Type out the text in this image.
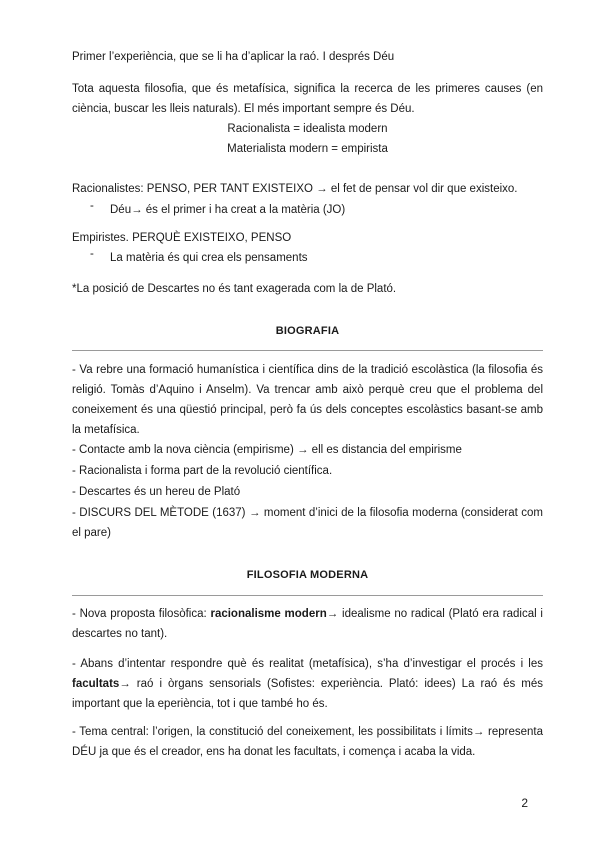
Primer l’experiència, que se li ha d’aplicar la raó. I després Déu

Tota aquesta filosofia, que és metafísica, significa la recerca de les primeres causes (en ciència, buscar les lleis naturals). El més important sempre és Déu.

Racionalista = idealista modern

Materialista modern = empirista

Racionalistes: PENSO, PER TANT EXISTEIXO → el fet de pensar vol dir que existeixo.

- Déu→ és el primer i ha creat a la matèria (JO)

Empiristes. PERQUÈ EXISTEIXO, PENSO

- La matèria és qui crea els pensaments

*La posició de Descartes no és tant exagerada com la de Plató.

BIOGRAFIA

- Va rebre una formació humanística i científica dins de la tradició escolàstica (la filosofia és religió. Tomàs d’Aquino i Anselm). Va trencar amb això perquè creu que el problema del coneixement és una qüestió principal, però fa ús dels conceptes escolàstics basant-se amb la metafísica.

- Contacte amb la nova ciència (empirisme) → ell es distancia del empirisme

- Racionalista i forma part de la revolució científica.

- Descartes és un hereu de Plató

- DISCURS DEL MÈTODE (1637) → moment d’inici de la filosofia moderna (considerat com el pare)

FILOSOFIA MODERNA

- Nova proposta filosòfica: racionalisme modern→ idealisme no radical (Plató era radical i descartes no tant).

- Abans d’intentar respondre què és realitat (metafísica), s’ha d’investigar el procés i les facultats→ raó i òrgans sensorials (Sofistes: experiència. Plató: idees) La raó és més important que la eperiència, tot i que també ho és.

- Tema central: l’origen, la constitució del coneixement, les possibilitats i límits→ representa DÉU ja que és el creador, ens ha donat les facultats, i comença i acaba la vida.

2
